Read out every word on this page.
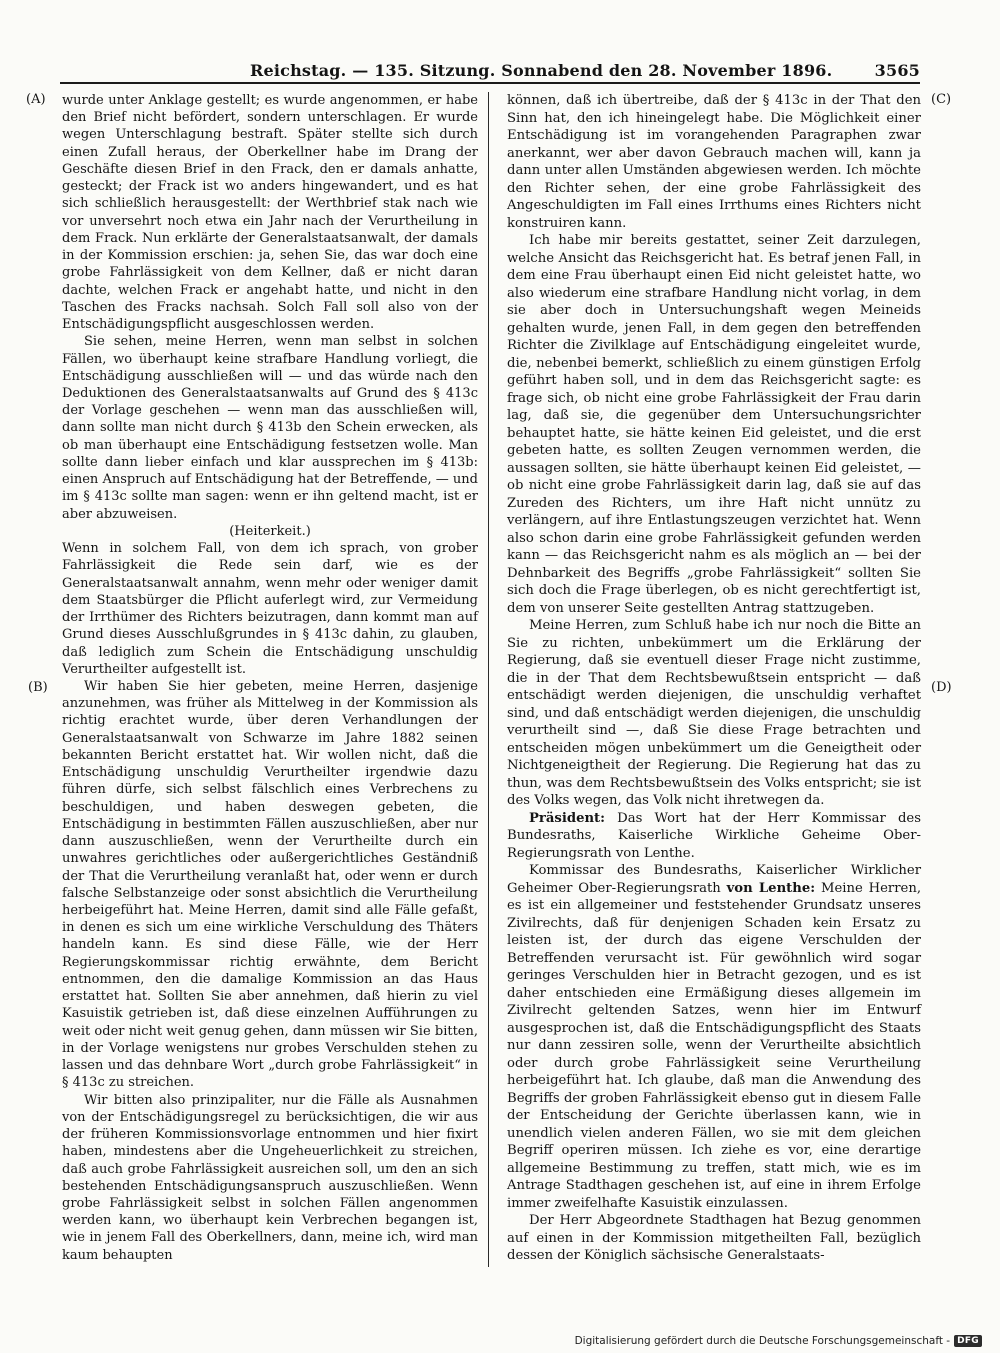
Reichstag. — 135. Sitzung. Sonnabend den 28. November 1896.	3565
(A)
(B)
(C)
(D)

wurde unter Anklage gestellt; es wurde angenommen, er habe den Brief nicht befördert, sondern unterschlagen. Er wurde wegen Unterschlagung bestraft. Später stellte sich durch einen Zufall heraus, der Oberkellner habe im Drang der Geschäfte diesen Brief in den Frack, den er damals anhatte, gesteckt; der Frack ist wo anders hingewandert, und es hat sich schließlich herausgestellt: der Werthbrief stak nach wie vor unversehrt noch etwa ein Jahr nach der Verurtheilung in dem Frack. Nun erklärte der Generalstaatsanwalt, der damals in der Kommission erschien: ja, sehen Sie, das war doch eine grobe Fahrlässigkeit von dem Kellner, daß er nicht daran dachte, welchen Frack er angehabt hatte, und nicht in den Taschen des Fracks nachsah. Solch Fall soll also von der Entschädigungspflicht ausgeschlossen werden.

Sie sehen, meine Herren, wenn man selbst in solchen Fällen, wo überhaupt keine strafbare Handlung vorliegt, die Entschädigung ausschließen will — und das würde nach den Deduktionen des Generalstaatsanwalts auf Grund des § 413c der Vorlage geschehen — wenn man das ausschließen will, dann sollte man nicht durch § 413b den Schein erwecken, als ob man überhaupt eine Entschädigung festsetzen wolle. Man sollte dann lieber einfach und klar aussprechen im § 413b: einen Anspruch auf Entschädigung hat der Betreffende, — und im § 413c sollte man sagen: wenn er ihn geltend macht, ist er aber abzuweisen.

(Heiterkeit.)

Wenn in solchem Fall, von dem ich sprach, von grober Fahrlässigkeit die Rede sein darf, wie es der Generalstaatsanwalt annahm, wenn mehr oder weniger damit dem Staatsbürger die Pflicht auferlegt wird, zur Vermeidung der Irrthümer des Richters beizutragen, dann kommt man auf Grund dieses Ausschlußgrundes in § 413c dahin, zu glauben, daß lediglich zum Schein die Entschädigung unschuldig Verurtheilter aufgestellt ist.

Wir haben Sie hier gebeten, meine Herren, dasjenige anzunehmen, was früher als Mittelweg in der Kommission als richtig erachtet wurde, über deren Verhandlungen der Generalstaatsanwalt von Schwarze im Jahre 1882 seinen bekannten Bericht erstattet hat. Wir wollen nicht, daß die Entschädigung unschuldig Verurtheilter irgendwie dazu führen dürfe, sich selbst fälschlich eines Verbrechens zu beschuldigen, und haben deswegen gebeten, die Entschädigung in bestimmten Fällen auszuschließen, aber nur dann auszuschließen, wenn der Verurtheilte durch ein unwahres gerichtliches oder außergerichtliches Geständniß der That die Verurtheilung veranlaßt hat, oder wenn er durch falsche Selbstanzeige oder sonst absichtlich die Verurtheilung herbeigeführt hat. Meine Herren, damit sind alle Fälle gefaßt, in denen es sich um eine wirkliche Verschuldung des Thäters handeln kann. Es sind diese Fälle, wie der Herr Regierungskommissar richtig erwähnte, dem Bericht entnommen, den die damalige Kommission an das Haus erstattet hat. Sollten Sie aber annehmen, daß hierin zu viel Kasuistik getrieben ist, daß diese einzelnen Aufführungen zu weit oder nicht weit genug gehen, dann müssen wir Sie bitten, in der Vorlage wenigstens nur grobes Verschulden stehen zu lassen und das dehnbare Wort „durch grobe Fahrlässigkeit“ in § 413c zu streichen.

Wir bitten also prinzipaliter, nur die Fälle als Ausnahmen von der Entschädigungsregel zu berücksichtigen, die wir aus der früheren Kommissionsvorlage entnommen und hier fixirt haben, mindestens aber die Ungeheuerlichkeit zu streichen, daß auch grobe Fahrlässigkeit ausreichen soll, um den an sich bestehenden Entschädigungsanspruch auszuschließen. Wenn grobe Fahrlässigkeit selbst in solchen Fällen angenommen werden kann, wo überhaupt kein Verbrechen begangen ist, wie in jenem Fall des Oberkellners, dann, meine ich, wird man kaum behaupten

können, daß ich übertreibe, daß der § 413c in der That den Sinn hat, den ich hineingelegt habe. Die Möglichkeit einer Entschädigung ist im vorangehenden Paragraphen zwar anerkannt, wer aber davon Gebrauch machen will, kann ja dann unter allen Umständen abgewiesen werden. Ich möchte den Richter sehen, der eine grobe Fahrlässigkeit des Angeschuldigten im Fall eines Irrthums eines Richters nicht konstruiren kann.

Ich habe mir bereits gestattet, seiner Zeit darzulegen, welche Ansicht das Reichsgericht hat. Es betraf jenen Fall, in dem eine Frau überhaupt einen Eid nicht geleistet hatte, wo also wiederum eine strafbare Handlung nicht vorlag, in dem sie aber doch in Untersuchungshaft wegen Meineids gehalten wurde, jenen Fall, in dem gegen den betreffenden Richter die Zivilklage auf Entschädigung eingeleitet wurde, die, nebenbei bemerkt, schließlich zu einem günstigen Erfolg geführt haben soll, und in dem das Reichsgericht sagte: es frage sich, ob nicht eine grobe Fahrlässigkeit der Frau darin lag, daß sie, die gegenüber dem Untersuchungsrichter behauptet hatte, sie hätte keinen Eid geleistet, und die erst gebeten hatte, es sollten Zeugen vernommen werden, die aussagen sollten, sie hätte überhaupt keinen Eid geleistet, — ob nicht eine grobe Fahrlässigkeit darin lag, daß sie auf das Zureden des Richters, um ihre Haft nicht unnütz zu verlängern, auf ihre Entlastungszeugen verzichtet hat. Wenn also schon darin eine grobe Fahrlässigkeit gefunden werden kann — das Reichsgericht nahm es als möglich an — bei der Dehnbarkeit des Begriffs „grobe Fahrlässigkeit“ sollten Sie sich doch die Frage überlegen, ob es nicht gerechtfertigt ist, dem von unserer Seite gestellten Antrag stattzugeben.

Meine Herren, zum Schluß habe ich nur noch die Bitte an Sie zu richten, unbekümmert um die Erklärung der Regierung, daß sie eventuell dieser Frage nicht zustimme, die in der That dem Rechtsbewußtsein entspricht — daß entschädigt werden diejenigen, die unschuldig verhaftet sind, und daß entschädigt werden diejenigen, die unschuldig verurtheilt sind —, daß Sie diese Frage betrachten und entscheiden mögen unbekümmert um die Geneigtheit oder Nichtgeneigtheit der Regierung. Die Regierung hat das zu thun, was dem Rechtsbewußtsein des Volks entspricht; sie ist des Volks wegen, das Volk nicht ihretwegen da.

Präsident: Das Wort hat der Herr Kommissar des Bundesraths, Kaiserliche Wirkliche Geheime Ober-Regierungsrath von Lenthe.

Kommissar des Bundesraths, Kaiserlicher Wirklicher Geheimer Ober-Regierungsrath von Lenthe: Meine Herren, es ist ein allgemeiner und feststehender Grundsatz unseres Zivilrechts, daß für denjenigen Schaden kein Ersatz zu leisten ist, der durch das eigene Verschulden der Betreffenden verursacht ist. Für gewöhnlich wird sogar geringes Verschulden hier in Betracht gezogen, und es ist daher entschieden eine Ermäßigung dieses allgemein im Zivilrecht geltenden Satzes, wenn hier im Entwurf ausgesprochen ist, daß die Entschädigungspflicht des Staats nur dann zessiren solle, wenn der Verurtheilte absichtlich oder durch grobe Fahrlässigkeit seine Verurtheilung herbeigeführt hat. Ich glaube, daß man die Anwendung des Begriffs der groben Fahrlässigkeit ebenso gut in diesem Falle der Entscheidung der Gerichte überlassen kann, wie in unendlich vielen anderen Fällen, wo sie mit dem gleichen Begriff operiren müssen. Ich ziehe es vor, eine derartige allgemeine Bestimmung zu treffen, statt mich, wie es im Antrage Stadthagen geschehen ist, auf eine in ihrem Erfolge immer zweifelhafte Kasuistik einzulassen.

Der Herr Abgeordnete Stadthagen hat Bezug genommen auf einen in der Kommission mitgetheilten Fall, bezüglich dessen der Königlich sächsische Generalstaats-

Digitalisierung gefördert durch die Deutsche Forschungsgemeinschaft - DFG
